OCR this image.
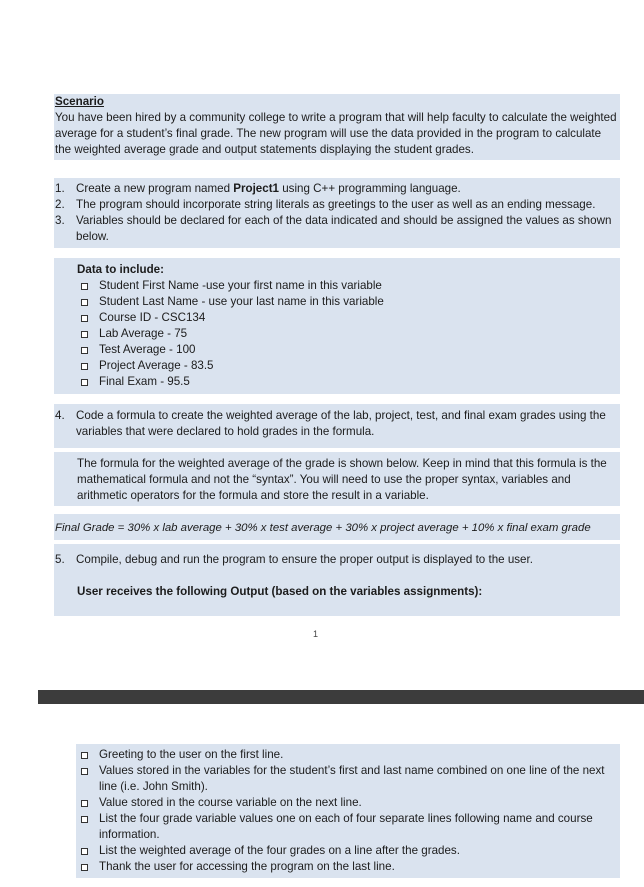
Scenario
You have been hired by a community college to write a program that will help faculty to calculate the weighted average for a student’s final grade. The new program will use the data provided in the program to calculate the weighted average grade and output statements displaying the student grades.
1. Create a new program named Project1 using C++ programming language.
2. The program should incorporate string literals as greetings to the user as well as an ending message.
3. Variables should be declared for each of the data indicated and should be assigned the values as shown below.
Data to include:
Student First Name -use your first name in this variable
Student Last Name - use your last name in this variable
Course ID - CSC134
Lab Average - 75
Test Average - 100
Project Average - 83.5
Final Exam - 95.5
4. Code a formula to create the weighted average of the lab, project, test, and final exam grades using the variables that were declared to hold grades in the formula.
The formula for the weighted average of the grade is shown below. Keep in mind that this formula is the mathematical formula and not the “syntax”. You will need to use the proper syntax, variables and arithmetic operators for the formula and store the result in a variable.
Final Grade = 30% x lab average + 30% x test average + 30% x project average + 10% x final exam grade
5. Compile, debug and run the program to ensure the proper output is displayed to the user.
User receives the following Output (based on the variables assignments):
1
Greeting to the user on the first line.
Values stored in the variables for the student’s first and last name combined on one line of the next line (i.e. John Smith).
Value stored in the course variable on the next line.
List the four grade variable values one on each of four separate lines following name and course information.
List the weighted average of the four grades on a line after the grades.
Thank the user for accessing the program on the last line.
